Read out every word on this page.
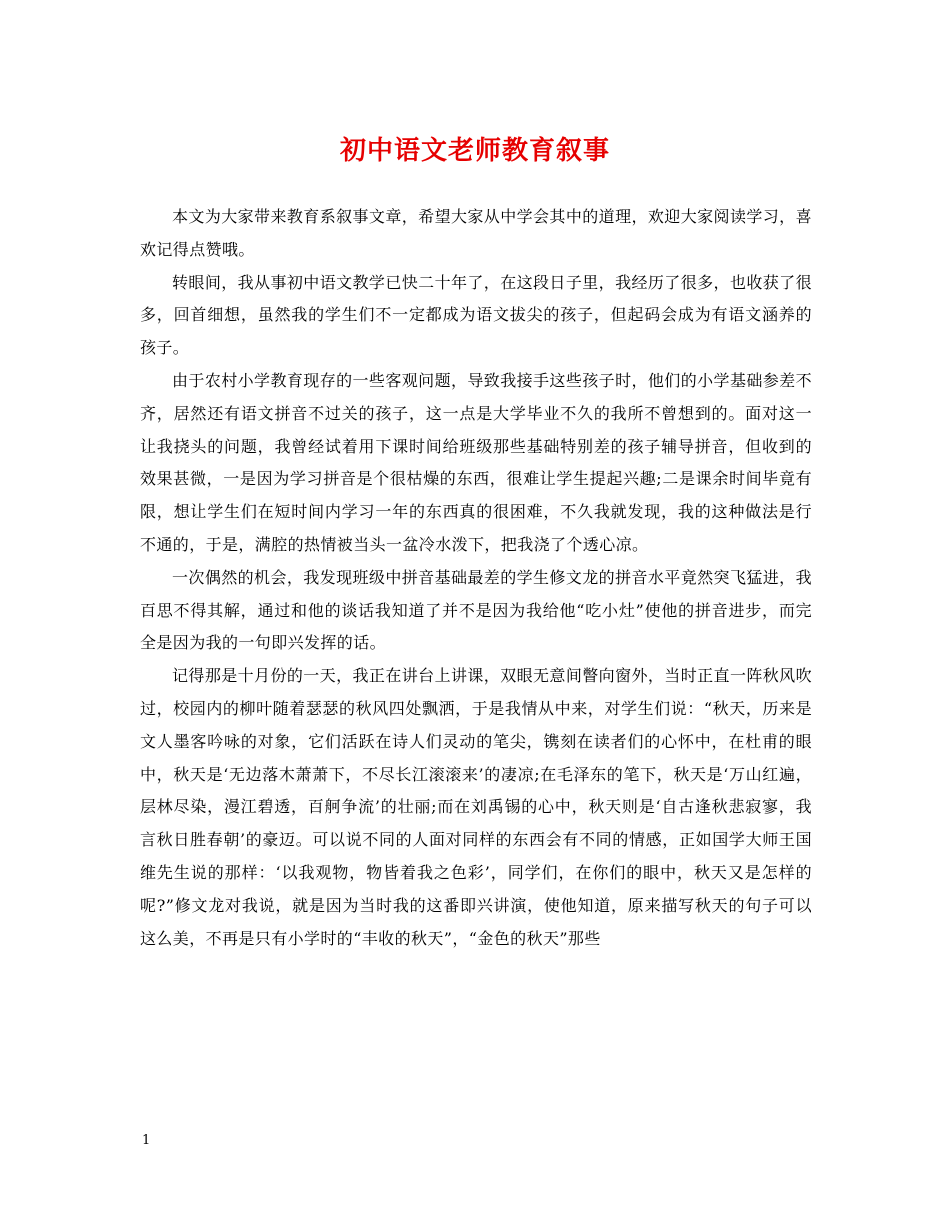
初中语文老师教育叙事

本文为大家带来教育系叙事文章，希望大家从中学会其中的道理，欢迎大家阅读学习，喜欢记得点赞哦。

转眼间，我从事初中语文教学已快二十年了，在这段日子里，我经历了很多，也收获了很多，回首细想，虽然我的学生们不一定都成为语文拔尖的孩子，但起码会成为有语文涵养的孩子。

由于农村小学教育现存的一些客观问题，导致我接手这些孩子时，他们的小学基础参差不齐，居然还有语文拼音不过关的孩子，这一点是大学毕业不久的我所不曾想到的。面对这一让我挠头的问题，我曾经试着用下课时间给班级那些基础特别差的孩子辅导拼音，但收到的效果甚微，一是因为学习拼音是个很枯燥的东西，很难让学生提起兴趣;二是课余时间毕竟有限，想让学生们在短时间内学习一年的东西真的很困难，不久我就发现，我的这种做法是行不通的，于是，满腔的热情被当头一盆冷水泼下，把我浇了个透心凉。

一次偶然的机会，我发现班级中拼音基础最差的学生修文龙的拼音水平竟然突飞猛进，我百思不得其解，通过和他的谈话我知道了并不是因为我给他“吃小灶”使他的拼音进步，而完全是因为我的一句即兴发挥的话。

记得那是十月份的一天，我正在讲台上讲课，双眼无意间瞥向窗外，当时正直一阵秋风吹过，校园内的柳叶随着瑟瑟的秋风四处飘洒，于是我情从中来，对学生们说：“秋天，历来是文人墨客吟咏的对象，它们活跃在诗人们灵动的笔尖，镌刻在读者们的心怀中，在杜甫的眼中，秋天是‘无边落木萧萧下，不尽长江滚滚来’的凄凉;在毛泽东的笔下，秋天是‘万山红遍，层林尽染，漫江碧透，百舸争流’的壮丽;而在刘禹锡的心中，秋天则是‘自古逢秋悲寂寥，我言秋日胜春朝’的豪迈。可以说不同的人面对同样的东西会有不同的情感，正如国学大师王国维先生说的那样：‘以我观物，物皆着我之色彩’，同学们，在你们的眼中，秋天又是怎样的呢?”修文龙对我说，就是因为当时我的这番即兴讲演，使他知道，原来描写秋天的句子可以这么美，不再是只有小学时的“丰收的秋天”，“金色的秋天”那些

1
